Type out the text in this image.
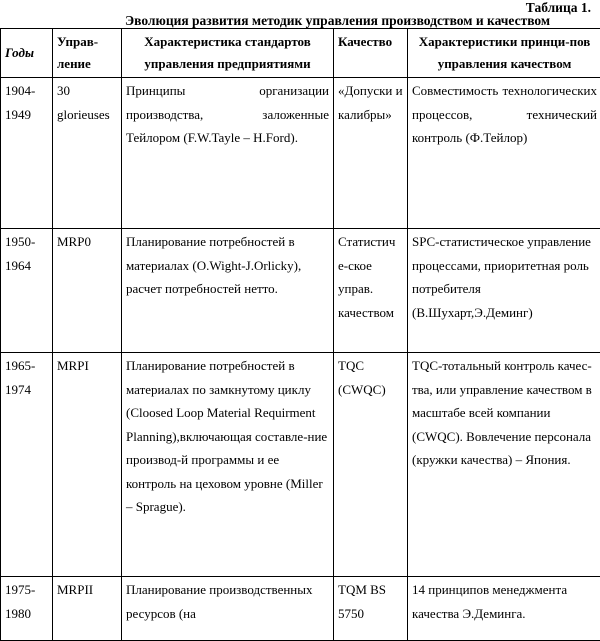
Таблица 1.
Эволюция развития методик управления производством и качеством
Годы	Управ-ление	Характеристика стандартов управления предприятиями	Качество	Характеристики принци-пов управления качеством
1904-1949	30 glorieuses	Принципы организации производства, заложенные Тейлором (F.W.Tayle – H.Ford).	«Допуски и калибры»	Совместимость технологических процессов, технический контроль (Ф.Тейлор)
1950-1964	MRP0	Планирование потребностей в материалах (O.Wight-J.Orlicky), расчет потребностей нетто.	Статистич e-ское управ. качеством	SPC-статистическое управление процессами, приоритетная роль потребителя (В.Шухарт,Э.Деминг)
1965-1974	MRPI	Планирование потребностей в материалах по замкнутому циклу (Cloosed Loop Material Requirment Planning),включающая составле-ние производ-й программы и ее контроль на цеховом уровне (Miller – Sprague).	TQC (CWQC)	TQC-тотальный контроль качес-тва, или управление качеством в масштабе всей компании (CWQC). Вовлечение персонала (кружки качества) – Япония.
1975-1980	MRPII	Планирование производственных ресурсов (на	TQM BS 5750	14 принципов менеджмента качества Э.Деминга.
